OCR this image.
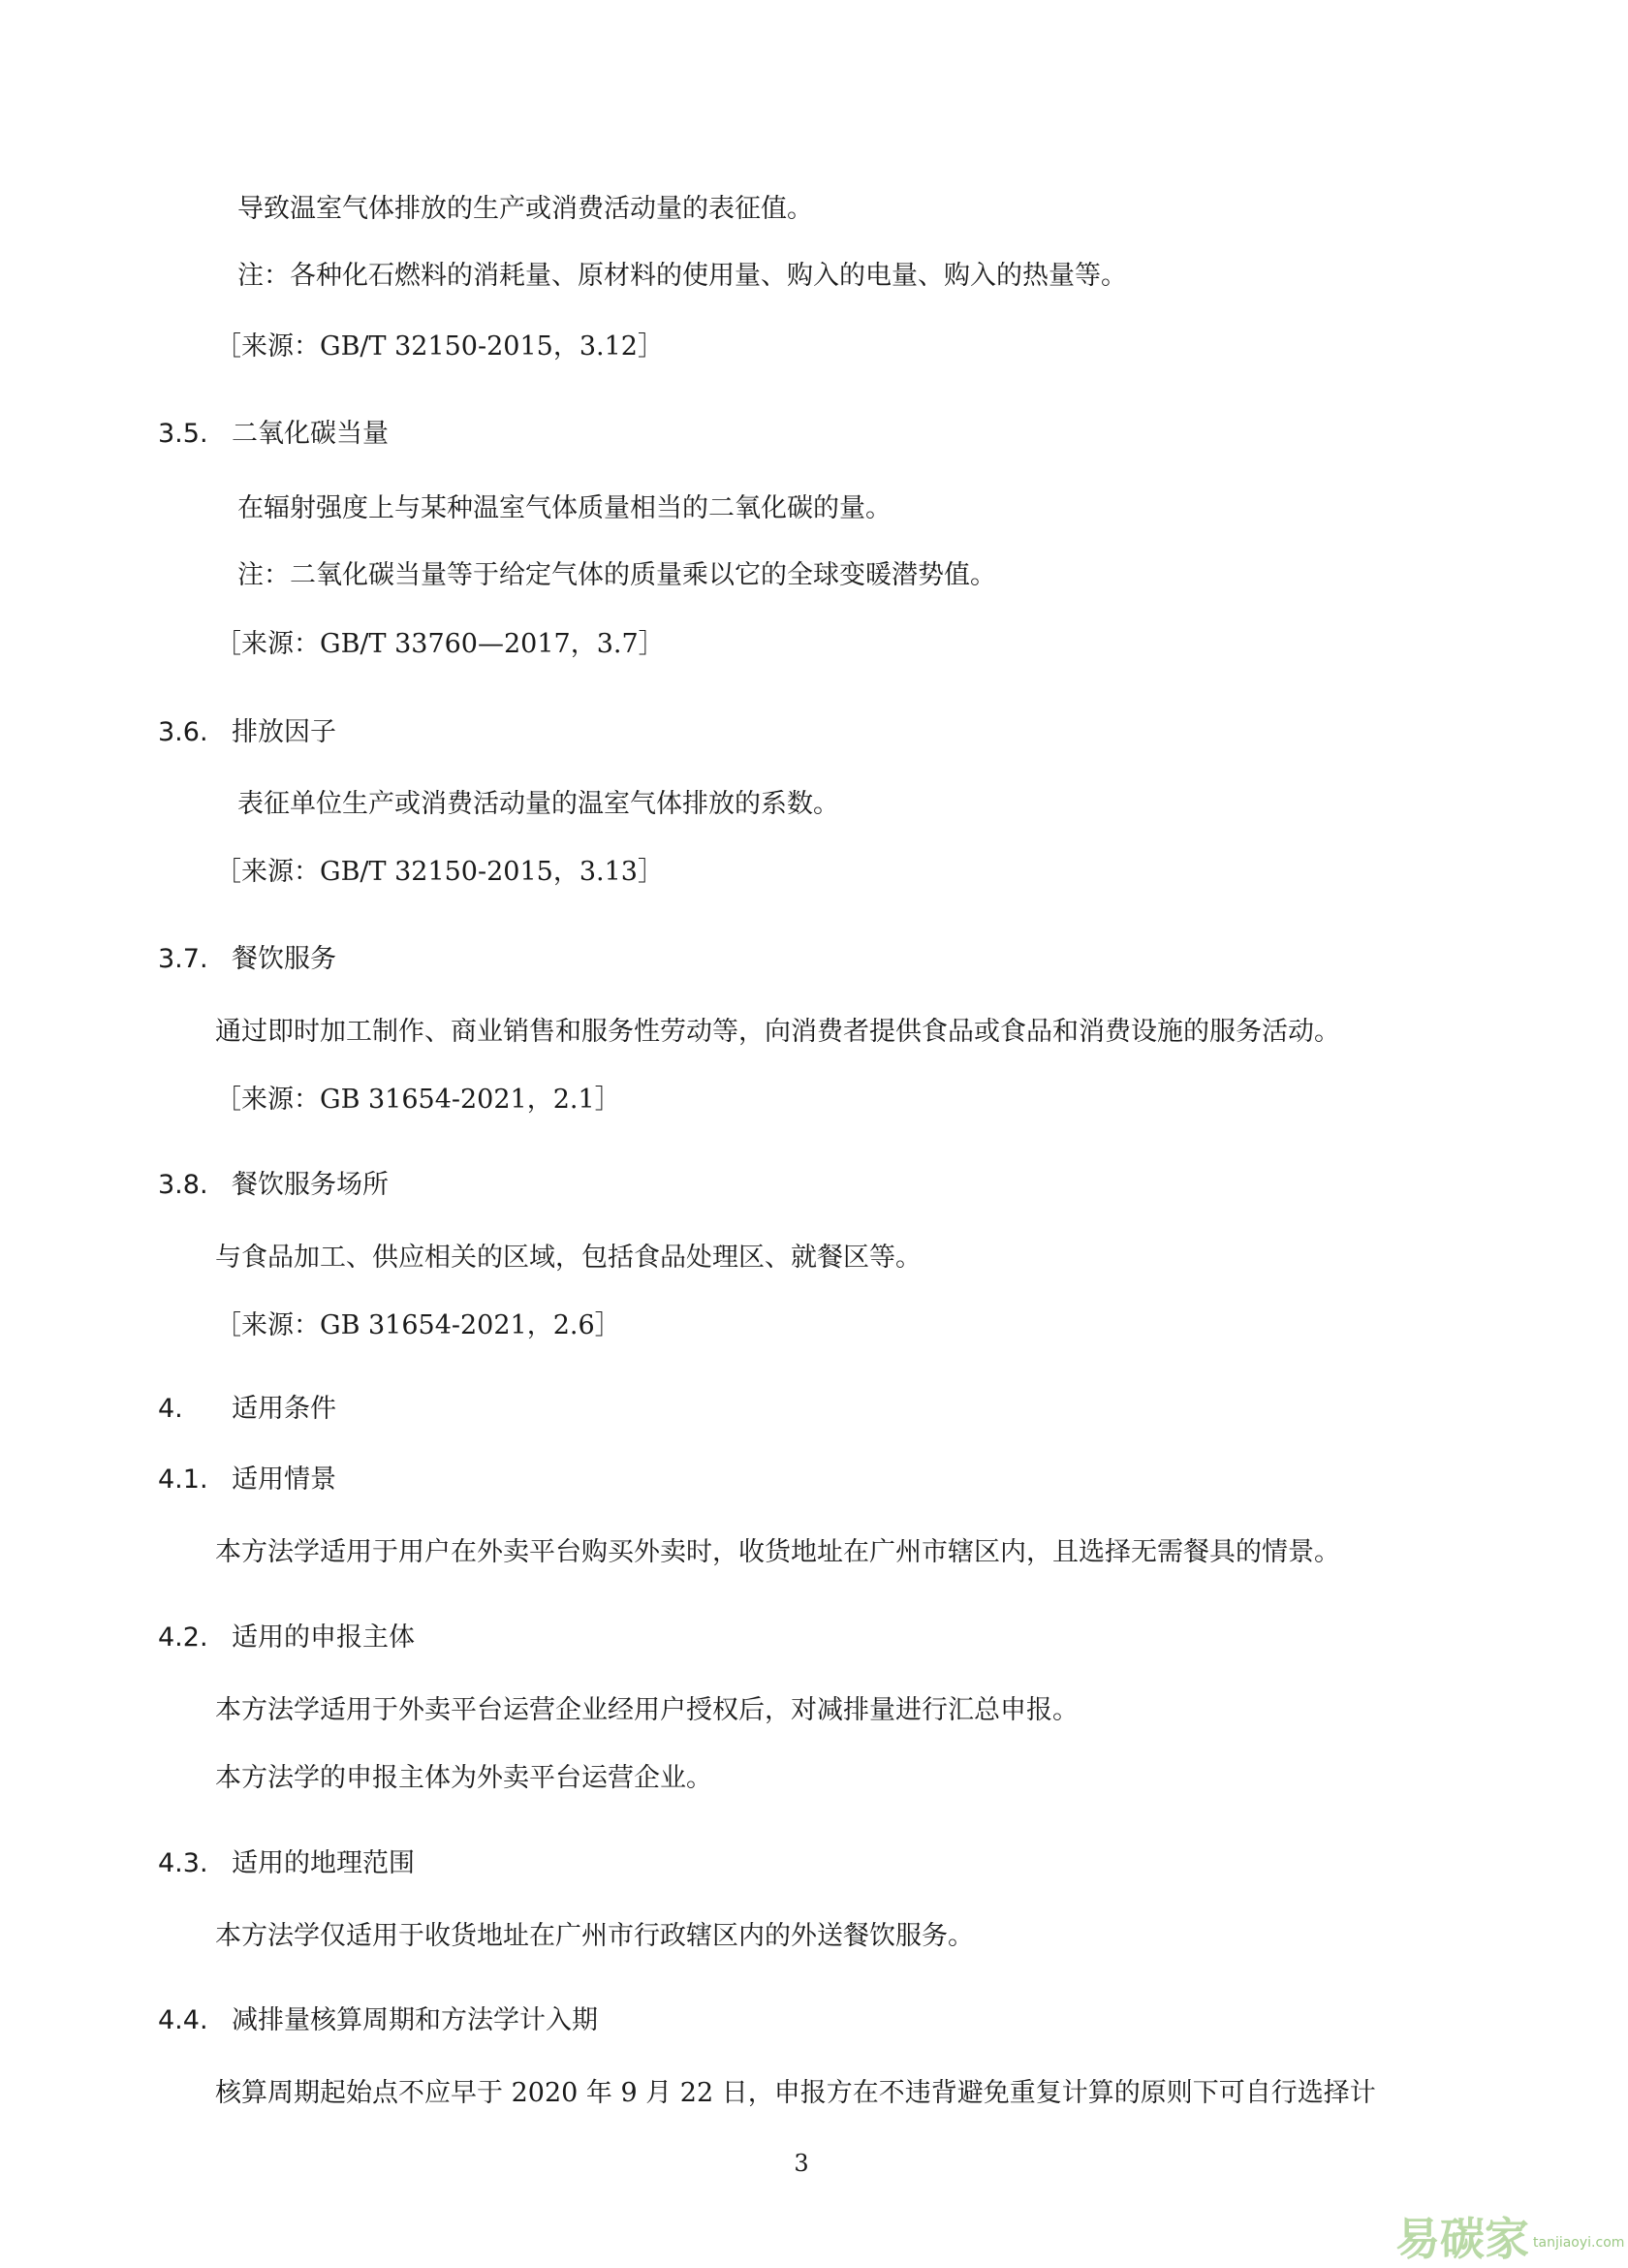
导致温室气体排放的生产或消费活动量的表征值。
注：各种化石燃料的消耗量、原材料的使用量、购入的电量、购入的热量等。
［来源：GB/T 32150-2015，3.12］
3.5. 二氧化碳当量
在辐射强度上与某种温室气体质量相当的二氧化碳的量。
注：二氧化碳当量等于给定气体的质量乘以它的全球变暖潜势值。
［来源：GB/T 33760—2017，3.7］
3.6. 排放因子
表征单位生产或消费活动量的温室气体排放的系数。
［来源：GB/T 32150-2015，3.13］
3.7. 餐饮服务
通过即时加工制作、商业销售和服务性劳动等，向消费者提供食品或食品和消费设施的服务活动。
［来源：GB 31654-2021，2.1］
3.8. 餐饮服务场所
与食品加工、供应相关的区域，包括食品处理区、就餐区等。
［来源：GB 31654-2021，2.6］
4. 适用条件
4.1. 适用情景
本方法学适用于用户在外卖平台购买外卖时，收货地址在广州市辖区内，且选择无需餐具的情景。
4.2. 适用的申报主体
本方法学适用于外卖平台运营企业经用户授权后，对减排量进行汇总申报。
本方法学的申报主体为外卖平台运营企业。
4.3. 适用的地理范围
本方法学仅适用于收货地址在广州市行政辖区内的外送餐饮服务。
4.4. 减排量核算周期和方法学计入期
核算周期起始点不应早于 2020 年 9 月 22 日，申报方在不违背避免重复计算的原则下可自行选择计
3
易碳家 tanjiaoyi.com
